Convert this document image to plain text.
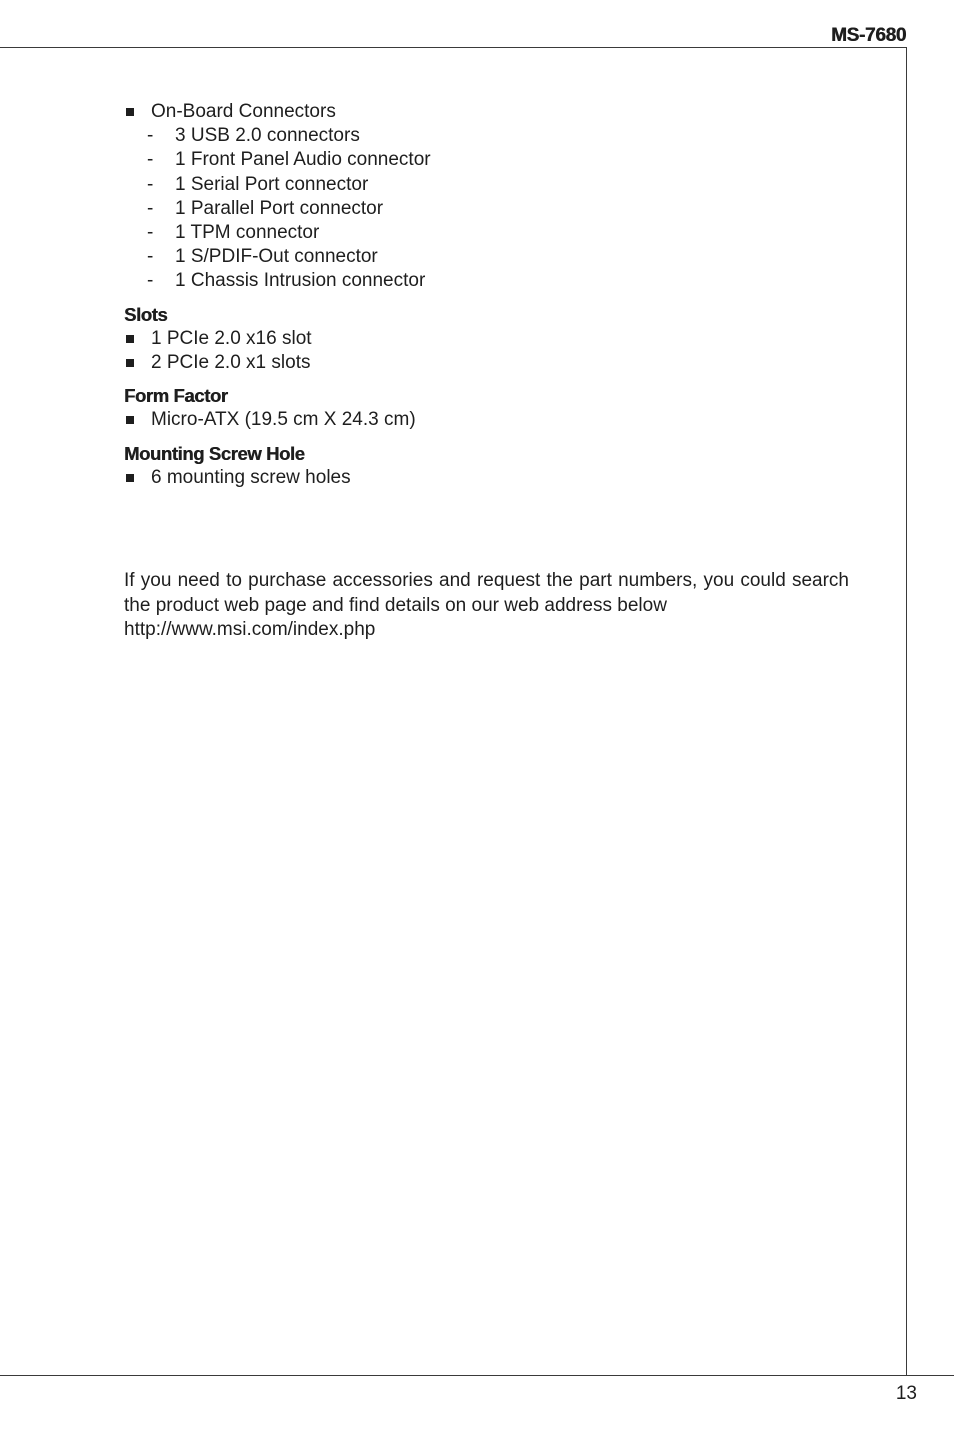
MS-7680
On-Board Connectors
- 3 USB 2.0 connectors
- 1 Front Panel Audio connector
- 1 Serial Port connector
- 1 Parallel Port connector
- 1 TPM connector
- 1 S/PDIF-Out connector
- 1 Chassis Intrusion connector
Slots
1 PCIe 2.0 x16 slot
2 PCIe 2.0 x1 slots
Form Factor
Micro-ATX (19.5 cm X 24.3 cm)
Mounting Screw Hole
6 mounting screw holes
If you need to purchase accessories and request the part numbers, you could search the product web page and find details on our web address below
http://www.msi.com/index.php
13
